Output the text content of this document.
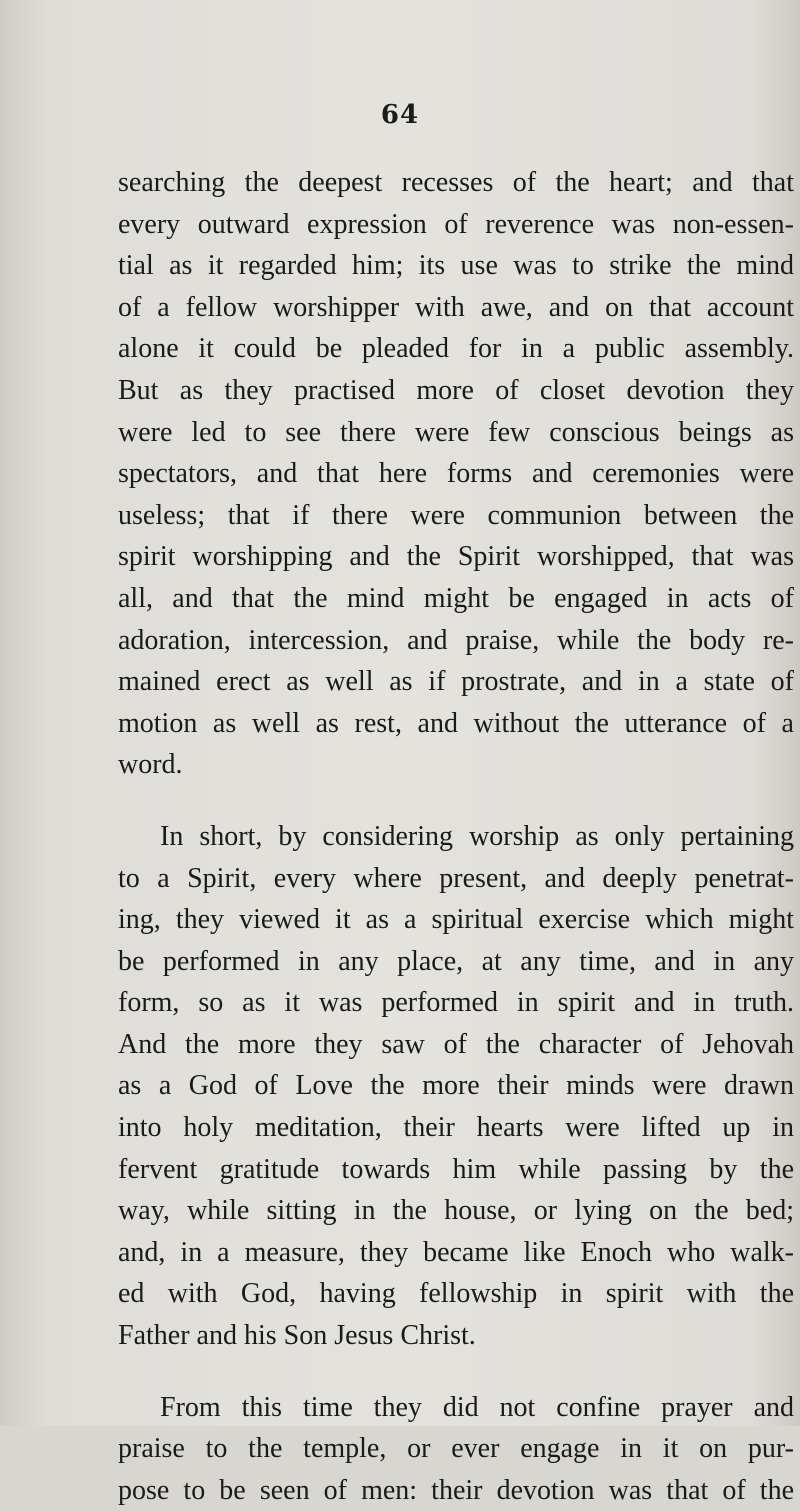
64

searching the deepest recesses of the heart; and that
every outward expression of reverence was non-essen-
tial as it regarded him; its use was to strike the mind
of a fellow worshipper with awe, and on that account
alone it could be pleaded for in a public assembly.
But as they practised more of closet devotion they
were led to see there were few conscious beings as
spectators, and that here forms and ceremonies were
useless; that if there were communion between the
spirit worshipping and the Spirit worshipped, that was
all, and that the mind might be engaged in acts of
adoration, intercession, and praise, while the body re-
mained erect as well as if prostrate, and in a state of
motion as well as rest, and without the utterance of a
word.

In short, by considering worship as only pertaining
to a Spirit, every where present, and deeply penetrat-
ing, they viewed it as a spiritual exercise which might
be performed in any place, at any time, and in any
form, so as it was performed in spirit and in truth.
And the more they saw of the character of Jehovah
as a God of Love the more their minds were drawn
into holy meditation, their hearts were lifted up in
fervent gratitude towards him while passing by the
way, while sitting in the house, or lying on the bed;
and, in a measure, they became like Enoch who walk-
ed with God, having fellowship in spirit with the
Father and his Son Jesus Christ.

From this time they did not confine prayer and
praise to the temple, or ever engage in it on pur-
pose to be seen of men: their devotion was that of the
